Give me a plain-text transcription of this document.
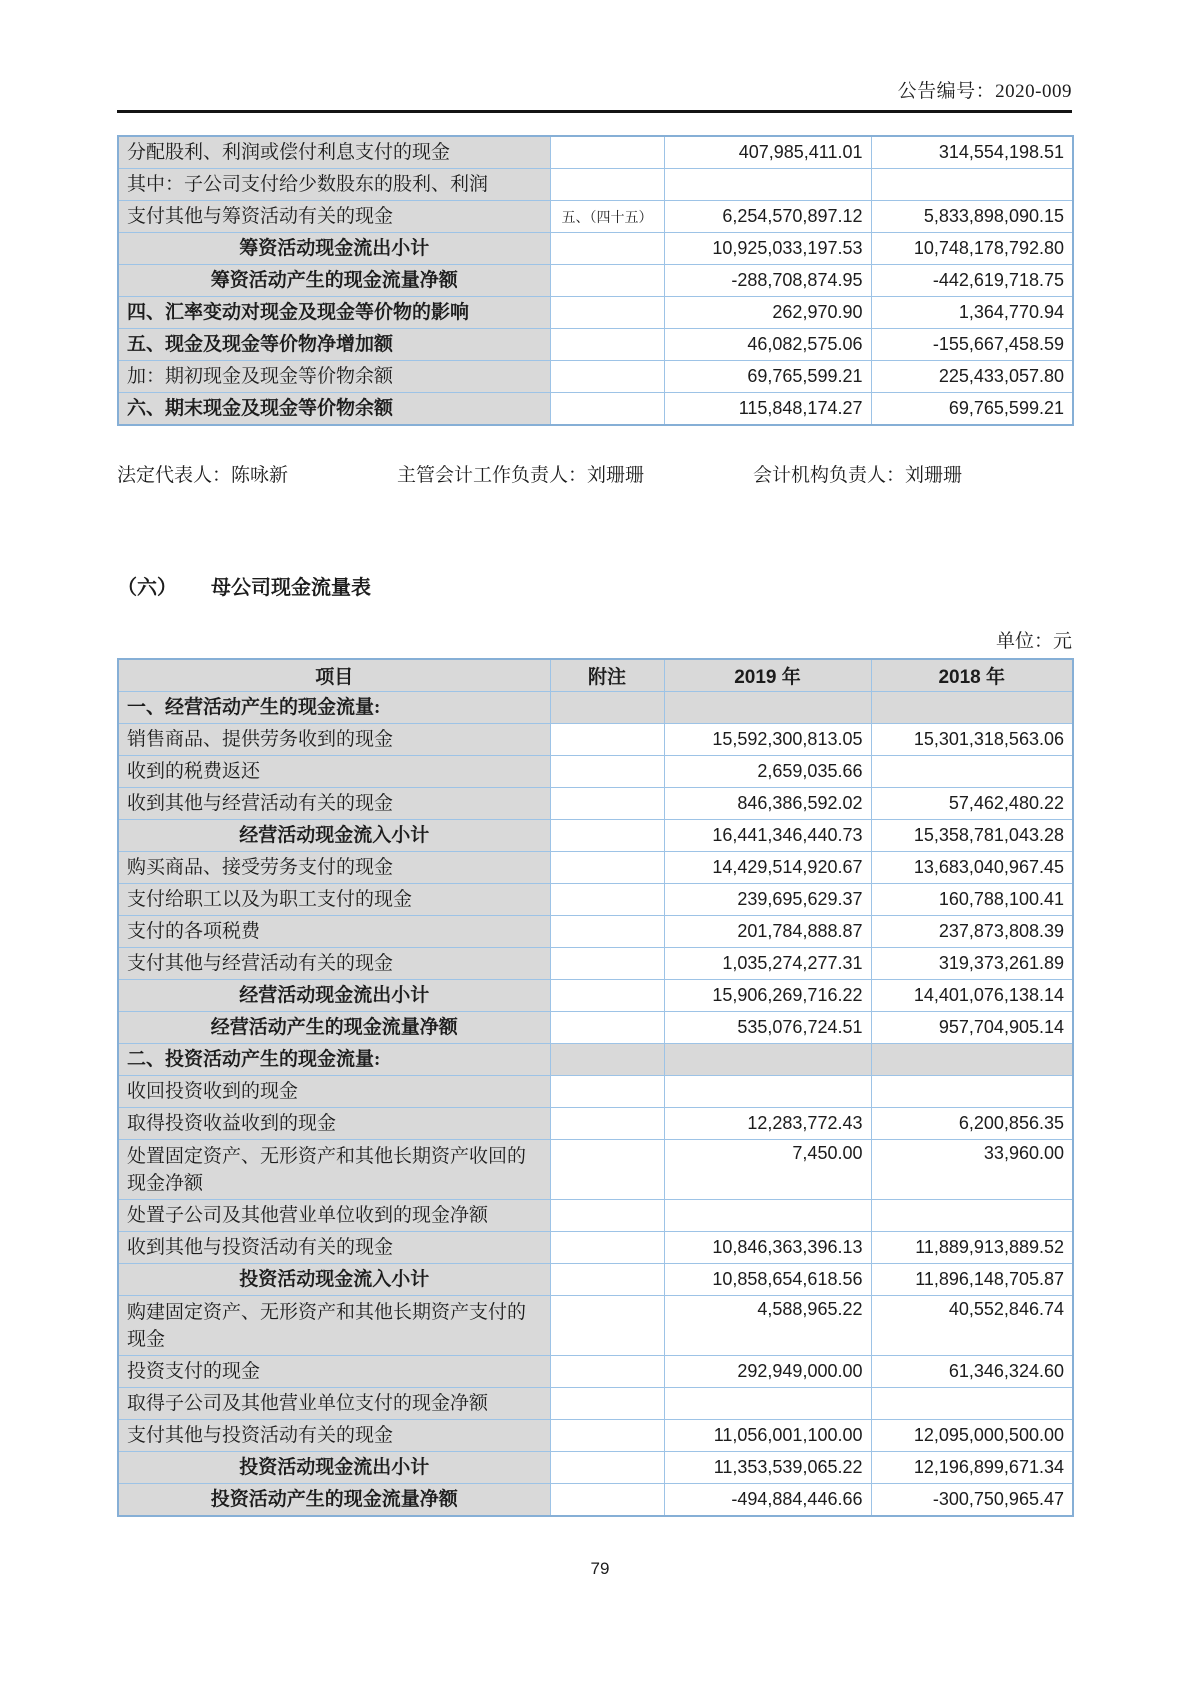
公告编号：2020-009
分配股利、利润或偿付利息支付的现金		407,985,411.01	314,554,198.51
其中：子公司支付给少数股东的股利、利润			
支付其他与筹资活动有关的现金	五、（四十五）	6,254,570,897.12	5,833,898,090.15
筹资活动现金流出小计		10,925,033,197.53	10,748,178,792.80
筹资活动产生的现金流量净额		-288,708,874.95	-442,619,718.75
四、汇率变动对现金及现金等价物的影响		262,970.90	1,364,770.94
五、现金及现金等价物净增加额		46,082,575.06	-155,667,458.59
加：期初现金及现金等价物余额		69,765,599.21	225,433,057.80
六、期末现金及现金等价物余额		115,848,174.27	69,765,599.21
法定代表人：陈咏新	主管会计工作负责人：刘珊珊	会计机构负责人：刘珊珊
（六） 母公司现金流量表
单位：元
项目	附注	2019 年	2018 年
一、经营活动产生的现金流量:			
销售商品、提供劳务收到的现金		15,592,300,813.05	15,301,318,563.06
收到的税费返还		2,659,035.66	
收到其他与经营活动有关的现金		846,386,592.02	57,462,480.22
经营活动现金流入小计		16,441,346,440.73	15,358,781,043.28
购买商品、接受劳务支付的现金		14,429,514,920.67	13,683,040,967.45
支付给职工以及为职工支付的现金		239,695,629.37	160,788,100.41
支付的各项税费		201,784,888.87	237,873,808.39
支付其他与经营活动有关的现金		1,035,274,277.31	319,373,261.89
经营活动现金流出小计		15,906,269,716.22	14,401,076,138.14
经营活动产生的现金流量净额		535,076,724.51	957,704,905.14
二、投资活动产生的现金流量:			
收回投资收到的现金			
取得投资收益收到的现金		12,283,772.43	6,200,856.35
处置固定资产、无形资产和其他长期资产收回的现金净额		7,450.00	33,960.00
处置子公司及其他营业单位收到的现金净额			
收到其他与投资活动有关的现金		10,846,363,396.13	11,889,913,889.52
投资活动现金流入小计		10,858,654,618.56	11,896,148,705.87
购建固定资产、无形资产和其他长期资产支付的现金		4,588,965.22	40,552,846.74
投资支付的现金		292,949,000.00	61,346,324.60
取得子公司及其他营业单位支付的现金净额			
支付其他与投资活动有关的现金		11,056,001,100.00	12,095,000,500.00
投资活动现金流出小计		11,353,539,065.22	12,196,899,671.34
投资活动产生的现金流量净额		-494,884,446.66	-300,750,965.47
79
